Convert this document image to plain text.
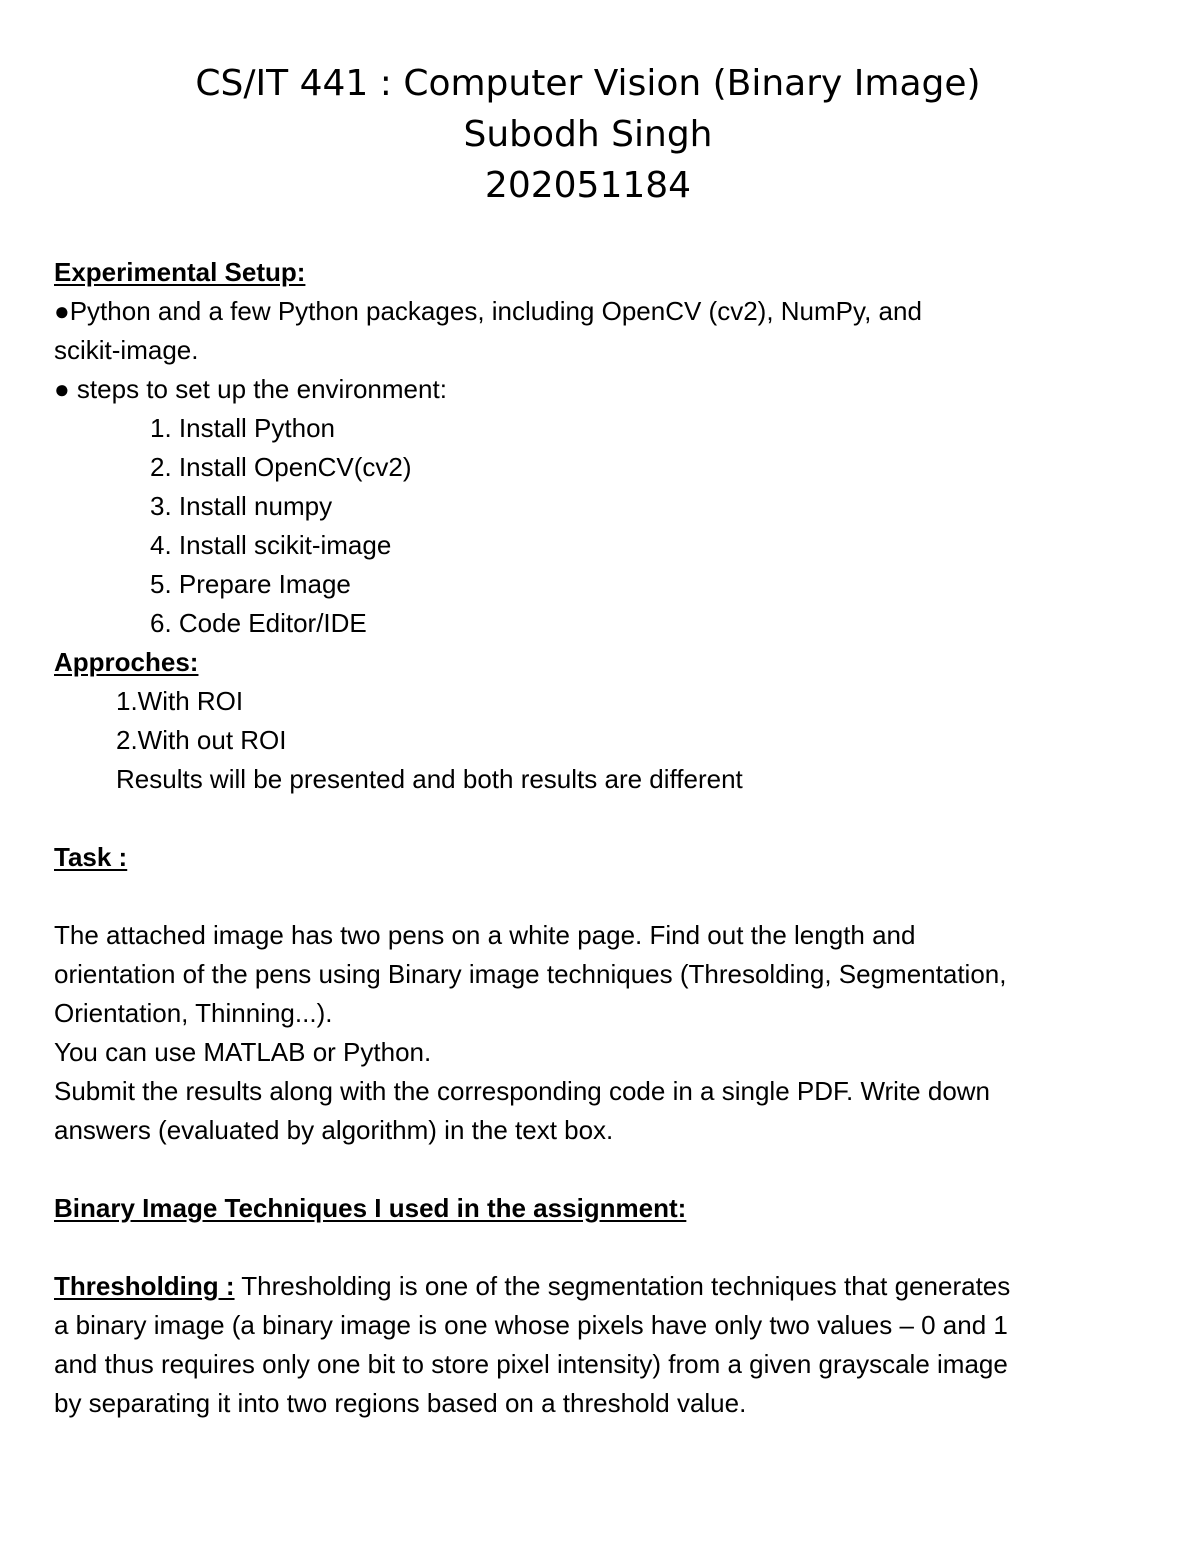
CS/IT 441 : Computer Vision (Binary Image)
Subodh Singh
202051184

Experimental Setup:

●Python and a few Python packages, including OpenCV (cv2), NumPy, and

scikit-image.

● steps to set up the environment:

1. Install Python

2. Install OpenCV(cv2)

3. Install numpy

4. Install scikit-image

5. Prepare Image

6. Code Editor/IDE

Approches:

1.With ROI

2.With out ROI

Results will be presented and both results are different

Task :

The attached image has two pens on a white page. Find out the length and

orientation of the pens using Binary image techniques (Thresolding, Segmentation,

Orientation, Thinning...).

You can use MATLAB or Python.

Submit the results along with the corresponding code in a single PDF. Write down

answers (evaluated by algorithm) in the text box.

Binary Image Techniques I used in the assignment:

Thresholding : Thresholding is one of the segmentation techniques that generates

a binary image (a binary image is one whose pixels have only two values – 0 and 1

and thus requires only one bit to store pixel intensity) from a given grayscale image

by separating it into two regions based on a threshold value.
